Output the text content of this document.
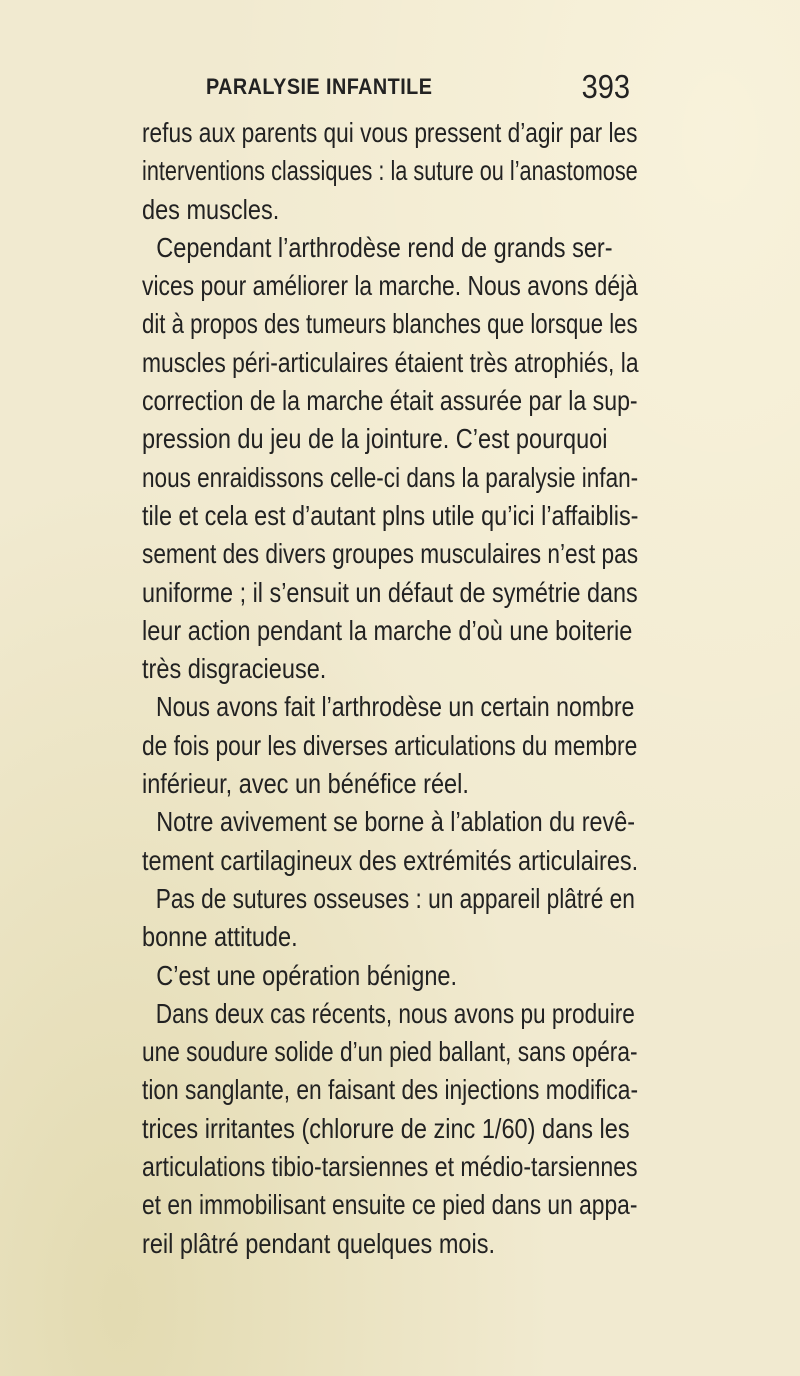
PARALYSIE INFANTILE	393
refus aux parents qui vous pressent d’agir par les
interventions classiques : la suture ou l’anastomose
des muscles.
Cependant l’arthrodèse rend de grands ser-
vices pour améliorer la marche. Nous avons déjà
dit à propos des tumeurs blanches que lorsque les
muscles péri-articulaires étaient très atrophiés, la
correction de la marche était assurée par la sup-
pression du jeu de la jointure. C’est pourquoi
nous enraidissons celle-ci dans la paralysie infan-
tile et cela est d’autant plns utile qu’ici l’affaiblis-
sement des divers groupes musculaires n’est pas
uniforme ; il s’ensuit un défaut de symétrie dans
leur action pendant la marche d’où une boiterie
très disgracieuse.
Nous avons fait l’arthrodèse un certain nombre
de fois pour les diverses articulations du membre
inférieur, avec un bénéfice réel.
Notre avivement se borne à l’ablation du revê-
tement cartilagineux des extrémités articulaires.
Pas de sutures osseuses : un appareil plâtré en
bonne attitude.
C’est une opération bénigne.
Dans deux cas récents, nous avons pu produire
une soudure solide d’un pied ballant, sans opéra-
tion sanglante, en faisant des injections modifica-
trices irritantes (chlorure de zinc 1/60) dans les
articulations tibio-tarsiennes et médio-tarsiennes
et en immobilisant ensuite ce pied dans un appa-
reil plâtré pendant quelques mois.
